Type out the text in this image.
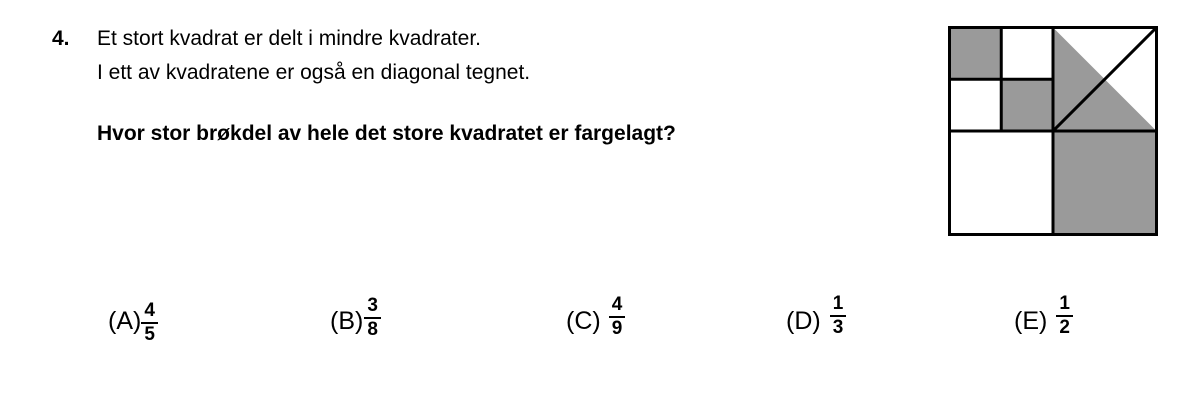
4. Et stort kvadrat er delt i mindre kvadrater.
I ett av kvadratene er også en diagonal tegnet.
Hvor stor brøkdel av hele det store kvadratet er fargelagt?
$(A) \frac{4}{5}$	$(B) \frac{3}{8}$	$(C) \frac{4}{9}$	$(D) \frac{1}{3}$	$(E) \frac{1}{2}$
